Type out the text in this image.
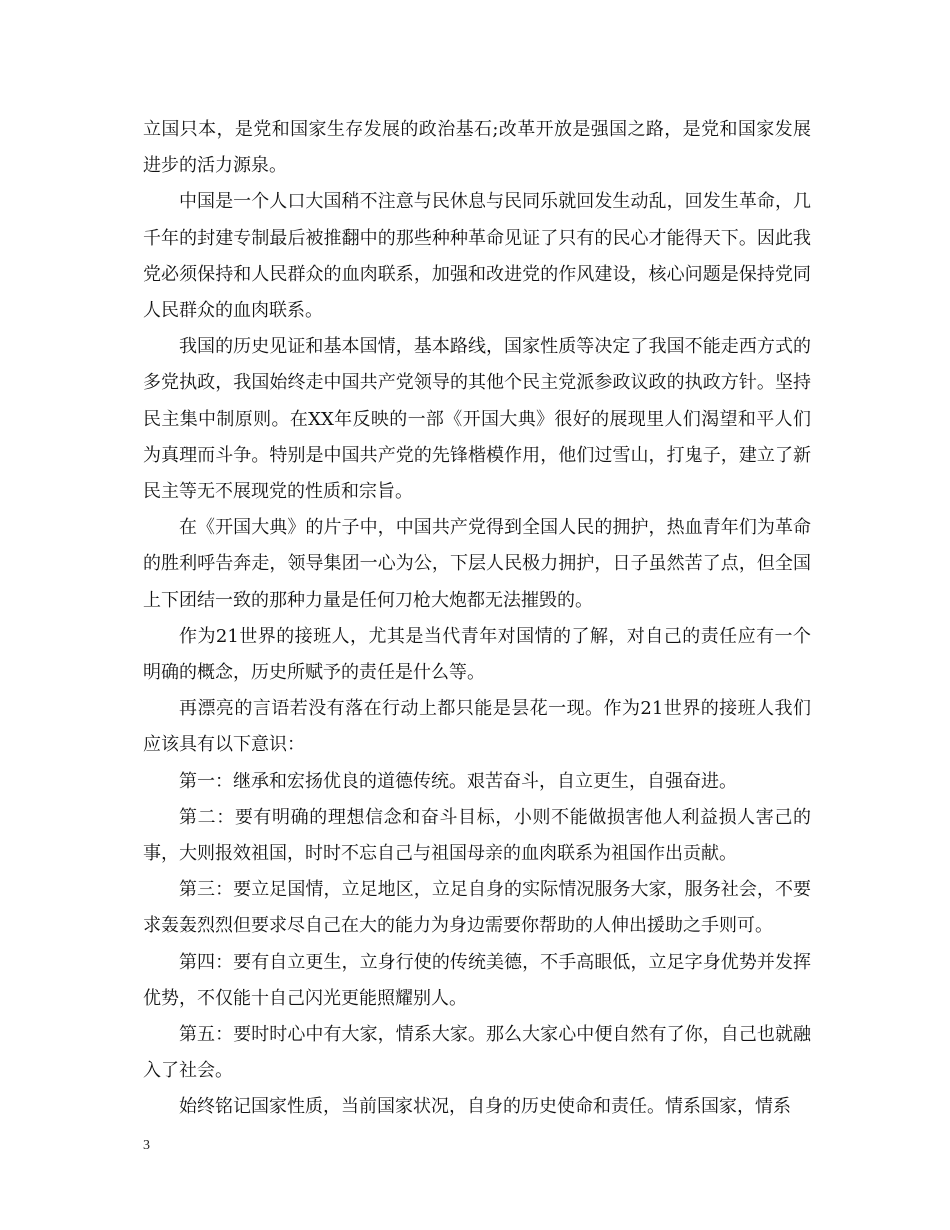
立国只本，是党和国家生存发展的政治基石;改革开放是强国之路，是党和国家发展进步的活力源泉。

中国是一个人口大国稍不注意与民休息与民同乐就回发生动乱，回发生革命，几千年的封建专制最后被推翻中的那些种种革命见证了只有的民心才能得天下。因此我党必须保持和人民群众的血肉联系，加强和改进党的作风建设，核心问题是保持党同人民群众的血肉联系。

我国的历史见证和基本国情，基本路线，国家性质等决定了我国不能走西方式的多党执政，我国始终走中国共产党领导的其他个民主党派参政议政的执政方针。坚持民主集中制原则。在XX年反映的一部《开国大典》很好的展现里人们渴望和平人们为真理而斗争。特别是中国共产党的先锋楷模作用，他们过雪山，打鬼子，建立了新民主等无不展现党的性质和宗旨。

在《开国大典》的片子中，中国共产党得到全国人民的拥护，热血青年们为革命的胜利呼告奔走，领导集团一心为公，下层人民极力拥护，日子虽然苦了点，但全国上下团结一致的那种力量是任何刀枪大炮都无法摧毁的。

作为21世界的接班人，尤其是当代青年对国情的了解，对自己的责任应有一个明确的概念，历史所赋予的责任是什么等。

再漂亮的言语若没有落在行动上都只能是昙花一现。作为21世界的接班人我们应该具有以下意识：

第一：继承和宏扬优良的道德传统。艰苦奋斗，自立更生，自强奋进。

第二：要有明确的理想信念和奋斗目标，小则不能做损害他人利益损人害己的事，大则报效祖国，时时不忘自己与祖国母亲的血肉联系为祖国作出贡献。

第三：要立足国情，立足地区，立足自身的实际情况服务大家，服务社会，不要求轰轰烈烈但要求尽自己在大的能力为身边需要你帮助的人伸出援助之手则可。

第四：要有自立更生，立身行使的传统美德，不手高眼低，立足字身优势并发挥优势，不仅能十自己闪光更能照耀别人。

第五：要时时心中有大家，情系大家。那么大家心中便自然有了你，自己也就融入了社会。

始终铭记国家性质，当前国家状况，自身的历史使命和责任。情系国家，情系

3
